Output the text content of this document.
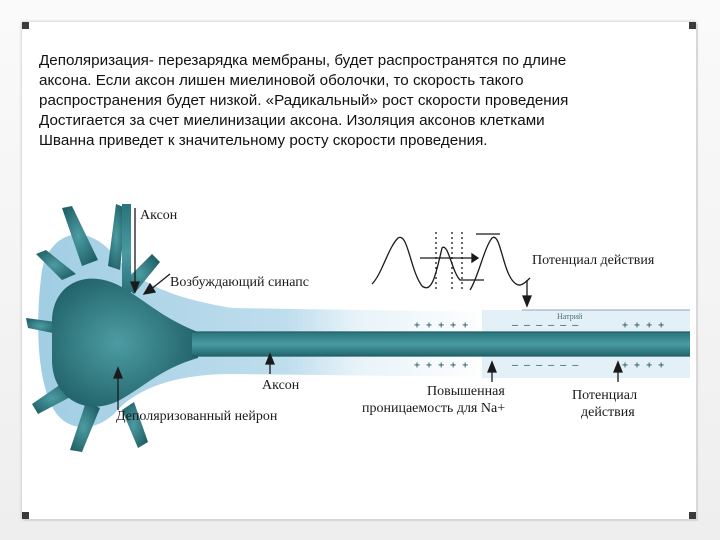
Деполяризация- перезарядка мембраны, будет распространятся по длине
аксона. Если аксон лишен миелиновой оболочки, то скорость такого
распространения будет низкой. «Радикальный» рост скорости проведения
Достигается за счет миелинизации аксона. Изоляция аксонов клетками
Шванна приведет к значительному росту скорости проведения.

+ + + + +
+ + + + +
– – – – – –
– – – – – –
+ + + +
+ + + +
Натрий
Аксон
Возбуждающий синапс
Потенциал действия
Аксон
Деполяризованный нейрон
Повышенная
проницаемость для Na+
Потенциал
действия
